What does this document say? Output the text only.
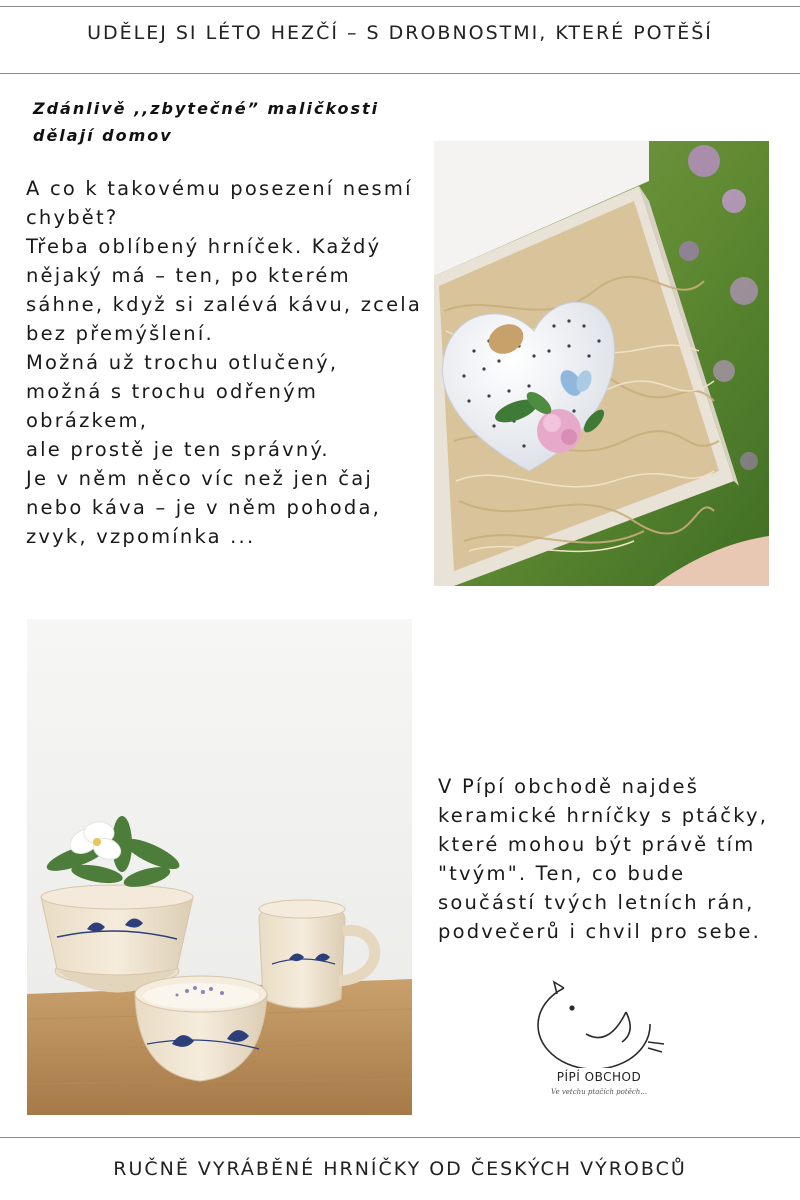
UDĚLEJ SI LÉTO HEZČÍ – S DROBNOSTMI, KTERÉ POTĚŠÍ
Zdánlivě ,,zbytečné” maličkosti
dělají domov
A co k takovému posezení nesmí
chybět?
Třeba oblíbený hrníček. Každý
nějaký má – ten, po kterém
sáhne, když si zalévá kávu, zcela
bez přemýšlení.
Možná už trochu otlučený,
možná s trochu odřeným
obrázkem,
ale prostě je ten správný.
Je v něm něco víc než jen čaj
nebo káva – je v něm pohoda,
zvyk, vzpomínka ...
V Pípí obchodě najdeš
keramické hrníčky s ptáčky,
které mohou být právě tím
"tvým". Ten, co bude
součástí tvých letních rán,
podvečerů i chvil pro sebe.
PÍPÍ OBCHOD
Ve vetchu ptačích potěch...
RUČNĚ VYRÁBĚNÉ HRNÍČKY OD ČESKÝCH VÝROBCŮ
